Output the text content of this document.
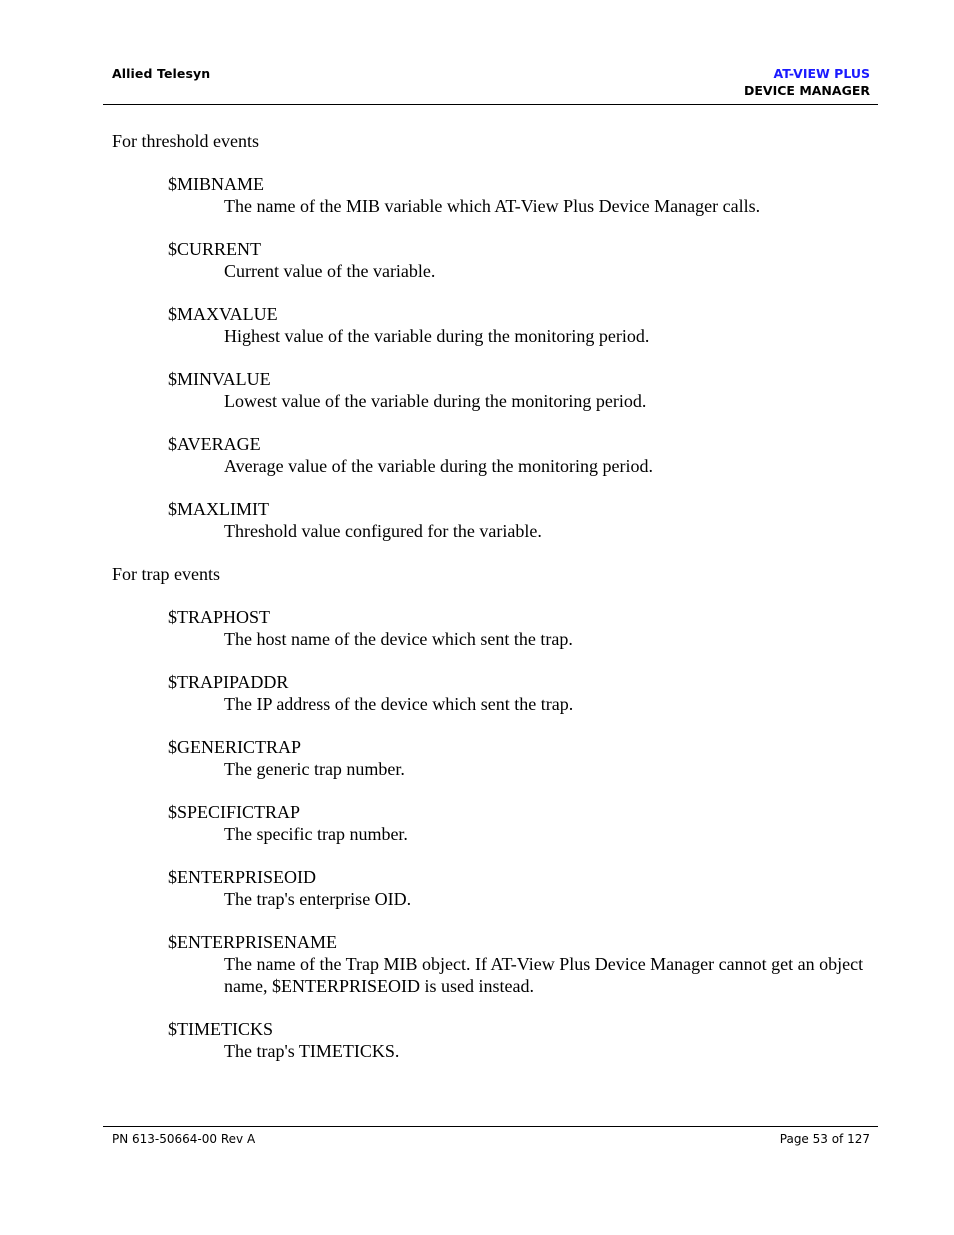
Allied Telesyn	AT-VIEW PLUS
DEVICE MANAGER
For threshold events
$MIBNAME
The name of the MIB variable which AT-View Plus Device Manager calls.
$CURRENT
Current value of the variable.
$MAXVALUE
Highest value of the variable during the monitoring period.
$MINVALUE
Lowest value of the variable during the monitoring period.
$AVERAGE
Average value of the variable during the monitoring period.
$MAXLIMIT
Threshold value configured for the variable.
For trap events
$TRAPHOST
The host name of the device which sent the trap.
$TRAPIPADDR
The IP address of the device which sent the trap.
$GENERICTRAP
The generic trap number.
$SPECIFICTRAP
The specific trap number.
$ENTERPRISEOID
The trap's enterprise OID.
$ENTERPRISENAME
The name of the Trap MIB object. If AT-View Plus Device Manager cannot get an object name, $ENTERPRISEOID is used instead.
$TIMETICKS
The trap's TIMETICKS.
PN 613-50664-00 Rev A	Page 53 of 127
